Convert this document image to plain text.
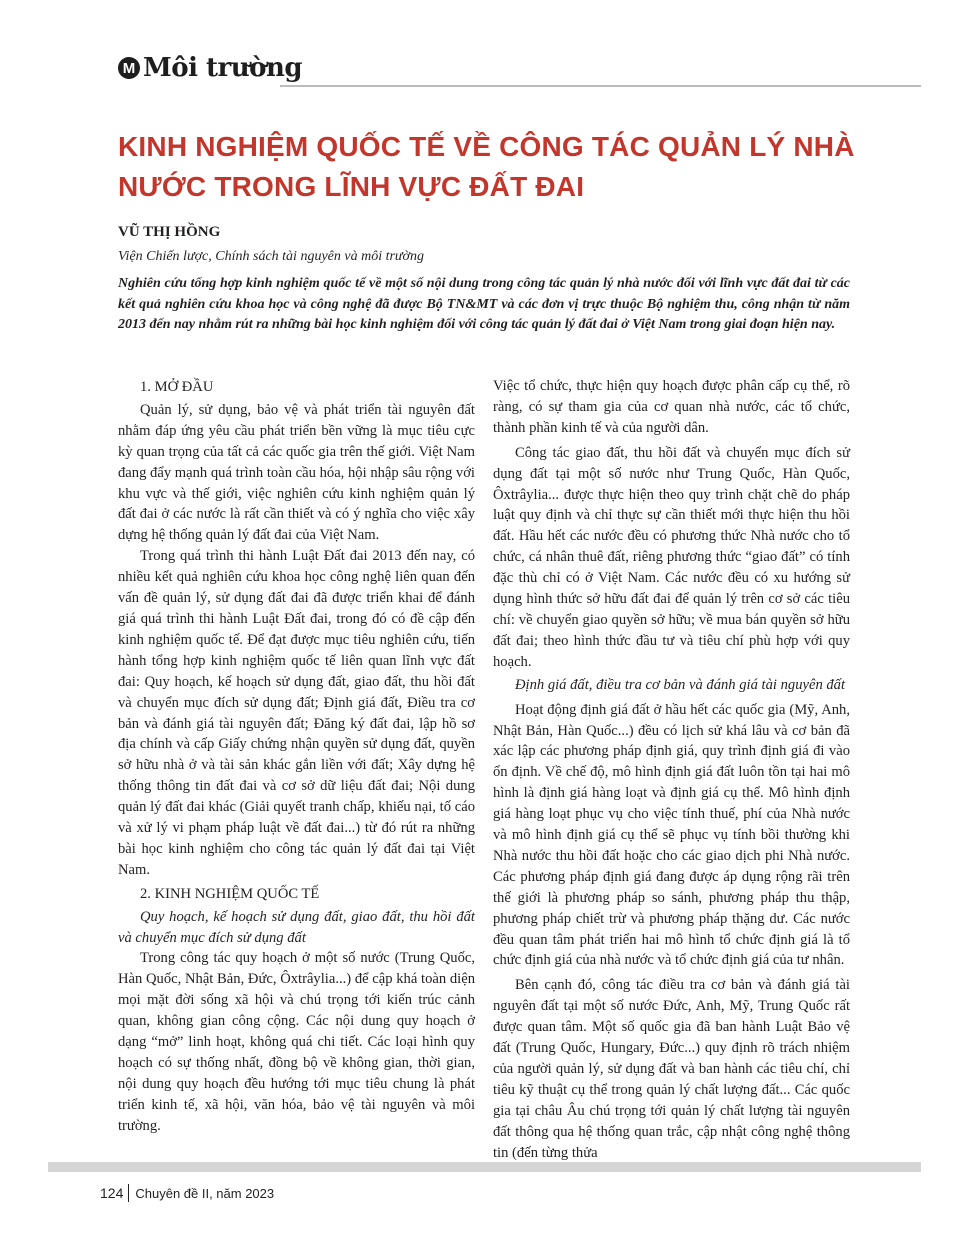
M Môi trường
KINH NGHIỆM QUỐC TẾ VỀ CÔNG TÁC QUẢN LÝ NHÀ NƯỚC TRONG LĨNH VỰC ĐẤT ĐAI
VŨ THỊ HỒNG
Viện Chiến lược, Chính sách tài nguyên và môi trường

Nghiên cứu tổng hợp kinh nghiệm quốc tế về một số nội dung trong công tác quản lý nhà nước đối với lĩnh vực đất đai từ các kết quả nghiên cứu khoa học và công nghệ đã được Bộ TN&MT và các đơn vị trực thuộc Bộ nghiệm thu, công nhận từ năm 2013 đến nay nhằm rút ra những bài học kinh nghiệm đối với công tác quản lý đất đai ở Việt Nam trong giai đoạn hiện nay.

1. MỞ ĐẦU

Quản lý, sử dụng, bảo vệ và phát triển tài nguyên đất nhằm đáp ứng yêu cầu phát triển bền vững là mục tiêu cực kỳ quan trọng của tất cả các quốc gia trên thế giới. Việt Nam đang đẩy mạnh quá trình toàn cầu hóa, hội nhập sâu rộng với khu vực và thế giới, việc nghiên cứu kinh nghiệm quản lý đất đai ở các nước là rất cần thiết và có ý nghĩa cho việc xây dựng hệ thống quản lý đất đai của Việt Nam.

Trong quá trình thi hành Luật Đất đai 2013 đến nay, có nhiều kết quả nghiên cứu khoa học công nghệ liên quan đến vấn đề quản lý, sử dụng đất đai đã được triển khai để đánh giá quá trình thi hành Luật Đất đai, trong đó có đề cập đến kinh nghiệm quốc tế. Để đạt được mục tiêu nghiên cứu, tiến hành tổng hợp kinh nghiệm quốc tế liên quan lĩnh vực đất đai: Quy hoạch, kế hoạch sử dụng đất, giao đất, thu hồi đất và chuyển mục đích sử dụng đất; Định giá đất, Điều tra cơ bản và đánh giá tài nguyên đất; Đăng ký đất đai, lập hồ sơ địa chính và cấp Giấy chứng nhận quyền sử dụng đất, quyền sở hữu nhà ở và tài sản khác gắn liền với đất; Xây dựng hệ thống thông tin đất đai và cơ sở dữ liệu đất đai; Nội dung quản lý đất đai khác (Giải quyết tranh chấp, khiếu nại, tố cáo và xử lý vi phạm pháp luật về đất đai...) từ đó rút ra những bài học kinh nghiệm cho công tác quản lý đất đai tại Việt Nam.

2. KINH NGHIỆM QUỐC TẾ

Quy hoạch, kế hoạch sử dụng đất, giao đất, thu hồi đất và chuyển mục đích sử dụng đất

Trong công tác quy hoạch ở một số nước (Trung Quốc, Hàn Quốc, Nhật Bản, Đức, Ôxtrâylia...) để cập khá toàn diện mọi mặt đời sống xã hội và chú trọng tới kiến trúc cảnh quan, không gian công cộng. Các nội dung quy hoạch ở dạng “mở” linh hoạt, không quá chi tiết. Các loại hình quy hoạch có sự thống nhất, đồng bộ về không gian, thời gian, nội dung quy hoạch đều hướng tới mục tiêu chung là phát triển kinh tế, xã hội, văn hóa, bảo vệ tài nguyên và môi trường.

Việc tổ chức, thực hiện quy hoạch được phân cấp cụ thể, rõ ràng, có sự tham gia của cơ quan nhà nước, các tổ chức, thành phần kinh tế và của người dân.

Công tác giao đất, thu hồi đất và chuyển mục đích sử dụng đất tại một số nước như Trung Quốc, Hàn Quốc, Ôxtrâylia... được thực hiện theo quy trình chặt chẽ do pháp luật quy định và chỉ thực sự cần thiết mới thực hiện thu hồi đất. Hầu hết các nước đều có phương thức Nhà nước cho tổ chức, cá nhân thuê đất, riêng phương thức “giao đất” có tính đặc thù chỉ có ở Việt Nam. Các nước đều có xu hướng sử dụng hình thức sở hữu đất đai để quản lý trên cơ sở các tiêu chí: về chuyển giao quyền sở hữu; về mua bán quyền sở hữu đất đai; theo hình thức đầu tư và tiêu chí phù hợp với quy hoạch.

Định giá đất, điều tra cơ bản và đánh giá tài nguyên đất

Hoạt động định giá đất ở hầu hết các quốc gia (Mỹ, Anh, Nhật Bản, Hàn Quốc...) đều có lịch sử khá lâu và cơ bản đã xác lập các phương pháp định giá, quy trình định giá đi vào ổn định. Về chế độ, mô hình định giá đất luôn tồn tại hai mô hình là định giá hàng loạt và định giá cụ thể. Mô hình định giá hàng loạt phục vụ cho việc tính thuế, phí của Nhà nước và mô hình định giá cụ thể sẽ phục vụ tính bồi thường khi Nhà nước thu hồi đất hoặc cho các giao dịch phi Nhà nước. Các phương pháp định giá đang được áp dụng rộng rãi trên thế giới là phương pháp so sánh, phương pháp thu thập, phương pháp chiết trừ và phương pháp thặng dư. Các nước đều quan tâm phát triển hai mô hình tổ chức định giá là tổ chức định giá của nhà nước và tổ chức định giá của tư nhân.

Bên cạnh đó, công tác điều tra cơ bản và đánh giá tài nguyên đất tại một số nước Đức, Anh, Mỹ, Trung Quốc rất được quan tâm. Một số quốc gia đã ban hành Luật Bảo vệ đất (Trung Quốc, Hungary, Đức...) quy định rõ trách nhiệm của người quản lý, sử dụng đất và ban hành các tiêu chí, chỉ tiêu kỹ thuật cụ thể trong quản lý chất lượng đất... Các quốc gia tại châu Âu chú trọng tới quản lý chất lượng tài nguyên đất thông qua hệ thống quan trắc, cập nhật công nghệ thông tin (đến từng thửa

124 Chuyên đề II, năm 2023
